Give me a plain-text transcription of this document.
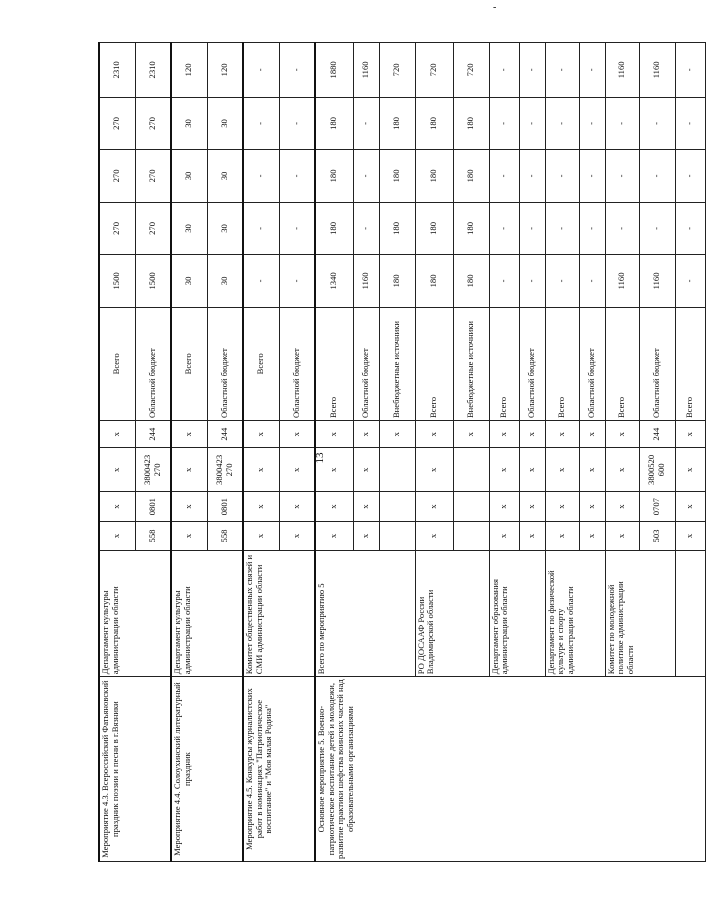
-
13
Мероприятие 4.3. Всероссийский Фатьяновский праздник поэзии и песни в г.Вязники	Департамент культуры администрации области	x	x	x	x	Всего	1500	270	270	270	2310
		558	0801	3800423 270	244	Областной бюджет	1500	270	270	270	2310
Мероприятие 4.4. Солоухинский литературный праздник	Департамент культуры администрации области	x	x	x	x	Всего	30	30	30	30	120
		558	0801	3800423 270	244	Областной бюджет	30	30	30	30	120
Мероприятие 4.5. Конкурсы журналистских работ в номинациях "Патриотическое воспитание" и "Моя малая Родина"	Комитет общественных связей и СМИ администрации области	x	x	x	x	Всего	-	-	-	-	-
		x	x	x	x	Областной бюджет	-	-	-	-	-
Основное мероприятие 5. Военно-патриотическое воспитание детей и молодежи, развитие практики шефства воинских частей над образовательными организациями	Всего по мероприятию 5	x	x	x	x	Всего	1340	180	180	180	1880
		x	x	x	x	Областной бюджет	1160	-	-	-	1160
					x	Внебюджетные источники	180	180	180	180	720
	РО ДОСААФ России Владимирской области	x	x	x	x	Всего	180	180	180	180	720
					x	Внебюджетные источники	180	180	180	180	720
	Департамент образования администрации области	x	x	x	x	Всего	-	-	-	-	-
		x	x	x	x	Областной бюджет	-	-	-	-	-
	Департамент по физической культуре и спорту администрации области	x	x	x	x	Всего	-	-	-	-	-
		x	x	x	x	Областной бюджет	-	-	-	-	-
	Комитет по молодежной политике администрации области	x	x	x	x	Всего	1160	-	-	-	1160
		503	0707	3800520 600	244	Областной бюджет	1160	-	-	-	1160
		x	x	x	x	Всего	-	-	-	-	-
